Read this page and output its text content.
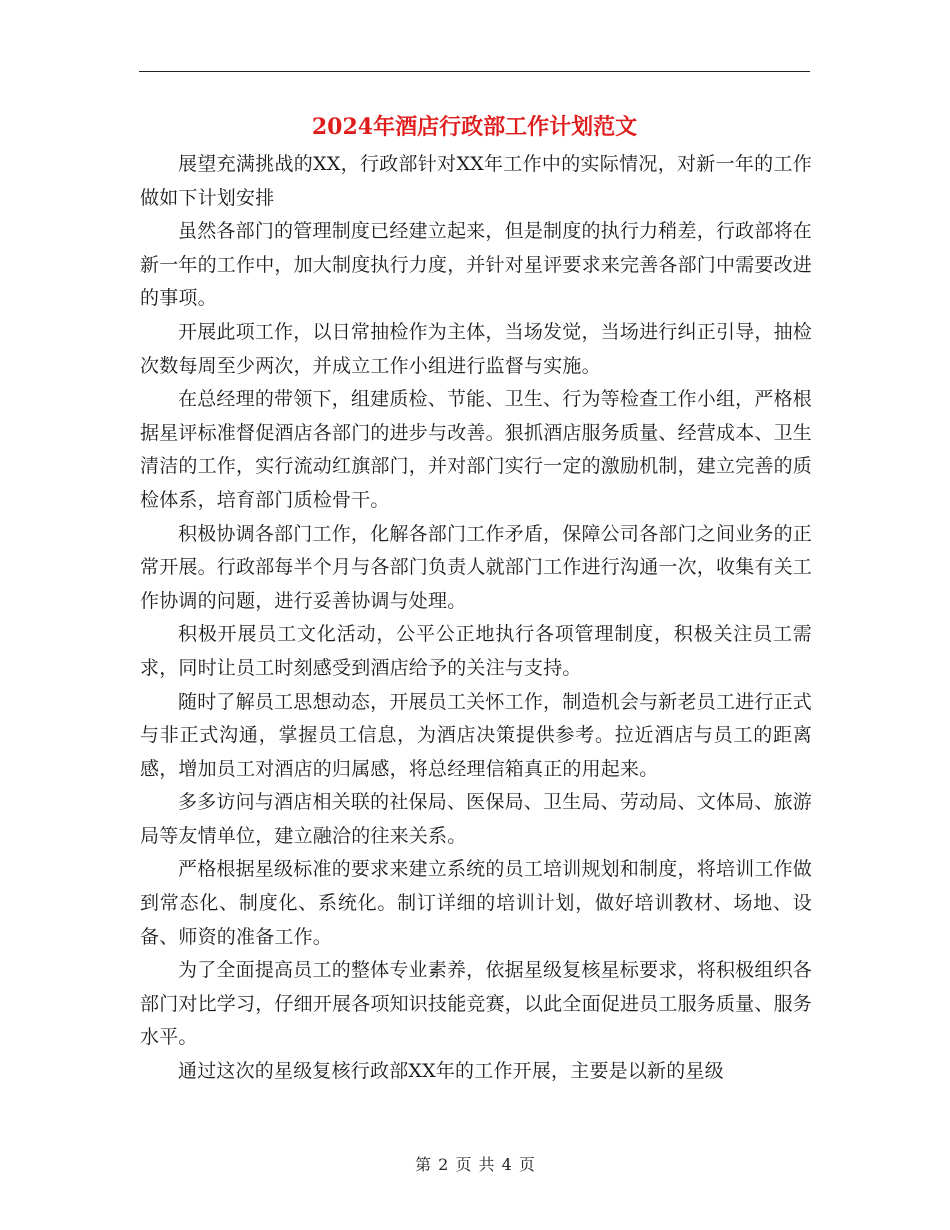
2024年酒店行政部工作计划范文

展望充满挑战的XX，行政部针对XX年工作中的实际情况，对新一年的工作做如下计划安排

虽然各部门的管理制度已经建立起来，但是制度的执行力稍差，行政部将在新一年的工作中，加大制度执行力度，并针对星评要求来完善各部门中需要改进的事项。

开展此项工作，以日常抽检作为主体，当场发觉，当场进行纠正引导，抽检次数每周至少两次，并成立工作小组进行监督与实施。

在总经理的带领下，组建质检、节能、卫生、行为等检查工作小组，严格根据星评标准督促酒店各部门的进步与改善。狠抓酒店服务质量、经营成本、卫生清洁的工作，实行流动红旗部门，并对部门实行一定的激励机制，建立完善的质检体系，培育部门质检骨干。

积极协调各部门工作，化解各部门工作矛盾，保障公司各部门之间业务的正常开展。行政部每半个月与各部门负责人就部门工作进行沟通一次，收集有关工作协调的问题，进行妥善协调与处理。

积极开展员工文化活动，公平公正地执行各项管理制度，积极关注员工需求，同时让员工时刻感受到酒店给予的关注与支持。

随时了解员工思想动态，开展员工关怀工作，制造机会与新老员工进行正式与非正式沟通，掌握员工信息，为酒店决策提供参考。拉近酒店与员工的距离感，增加员工对酒店的归属感，将总经理信箱真正的用起来。

多多访问与酒店相关联的社保局、医保局、卫生局、劳动局、文体局、旅游局等友情单位，建立融洽的往来关系。

严格根据星级标准的要求来建立系统的员工培训规划和制度，将培训工作做到常态化、制度化、系统化。制订详细的培训计划，做好培训教材、场地、设备、师资的准备工作。

为了全面提高员工的整体专业素养，依据星级复核星标要求，将积极组织各部门对比学习，仔细开展各项知识技能竞赛，以此全面促进员工服务质量、服务水平。

通过这次的星级复核行政部XX年的工作开展，主要是以新的星级

第 2 页 共 4 页
